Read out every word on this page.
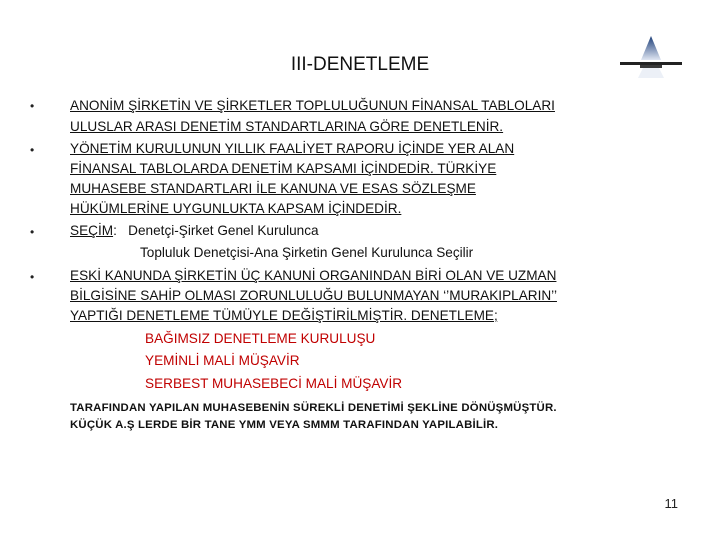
III-DENETLEME
•	ANONİM ŞİRKETİN VE ŞİRKETLER TOPLULUĞUNUN FİNANSAL TABLOLARI
ULUSLAR ARASI DENETİM STANDARTLARINA GÖRE DENETLENİR.
•	YÖNETİM KURULUNUN YILLIK FAALİYET RAPORU İÇİNDE YER ALAN
FİNANSAL TABLOLARDA DENETİM KAPSAMI İÇİNDEDİR. TÜRKİYE
MUHASEBE STANDARTLARI İLE KANUNA VE ESAS SÖZLEŞME
HÜKÜMLERİNE UYGUNLUKTA KAPSAM İÇİNDEDİR.
•	SEÇİM:   Denetçi-Şirket Genel Kurulunca
Topluluk Denetçisi-Ana Şirketin Genel Kurulunca Seçilir
•	ESKİ KANUNDA ŞİRKETİN ÜÇ KANUNİ ORGANINDAN BİRİ OLAN VE UZMAN
BİLGİSİNE SAHİP OLMASI ZORUNLULUĞU BULUNMAYAN ‘’MURAKIPLARIN’’
YAPTIĞI DENETLEME TÜMÜYLE DEĞİŞTİRİLMİŞTİR. DENETLEME;
BAĞIMSIZ DENETLEME KURULUŞU
YEMİNLİ MALİ MÜŞAVİR
SERBEST MUHASEBECİ MALİ MÜŞAVİR
TARAFINDAN YAPILAN MUHASEBENİN SÜREKLİ DENETİMİ ŞEKLİNE DÖNÜŞMÜŞTÜR.
KÜÇÜK A.Ş LERDE BİR TANE YMM VEYA SMMM TARAFINDAN YAPILABİLİR.
11
